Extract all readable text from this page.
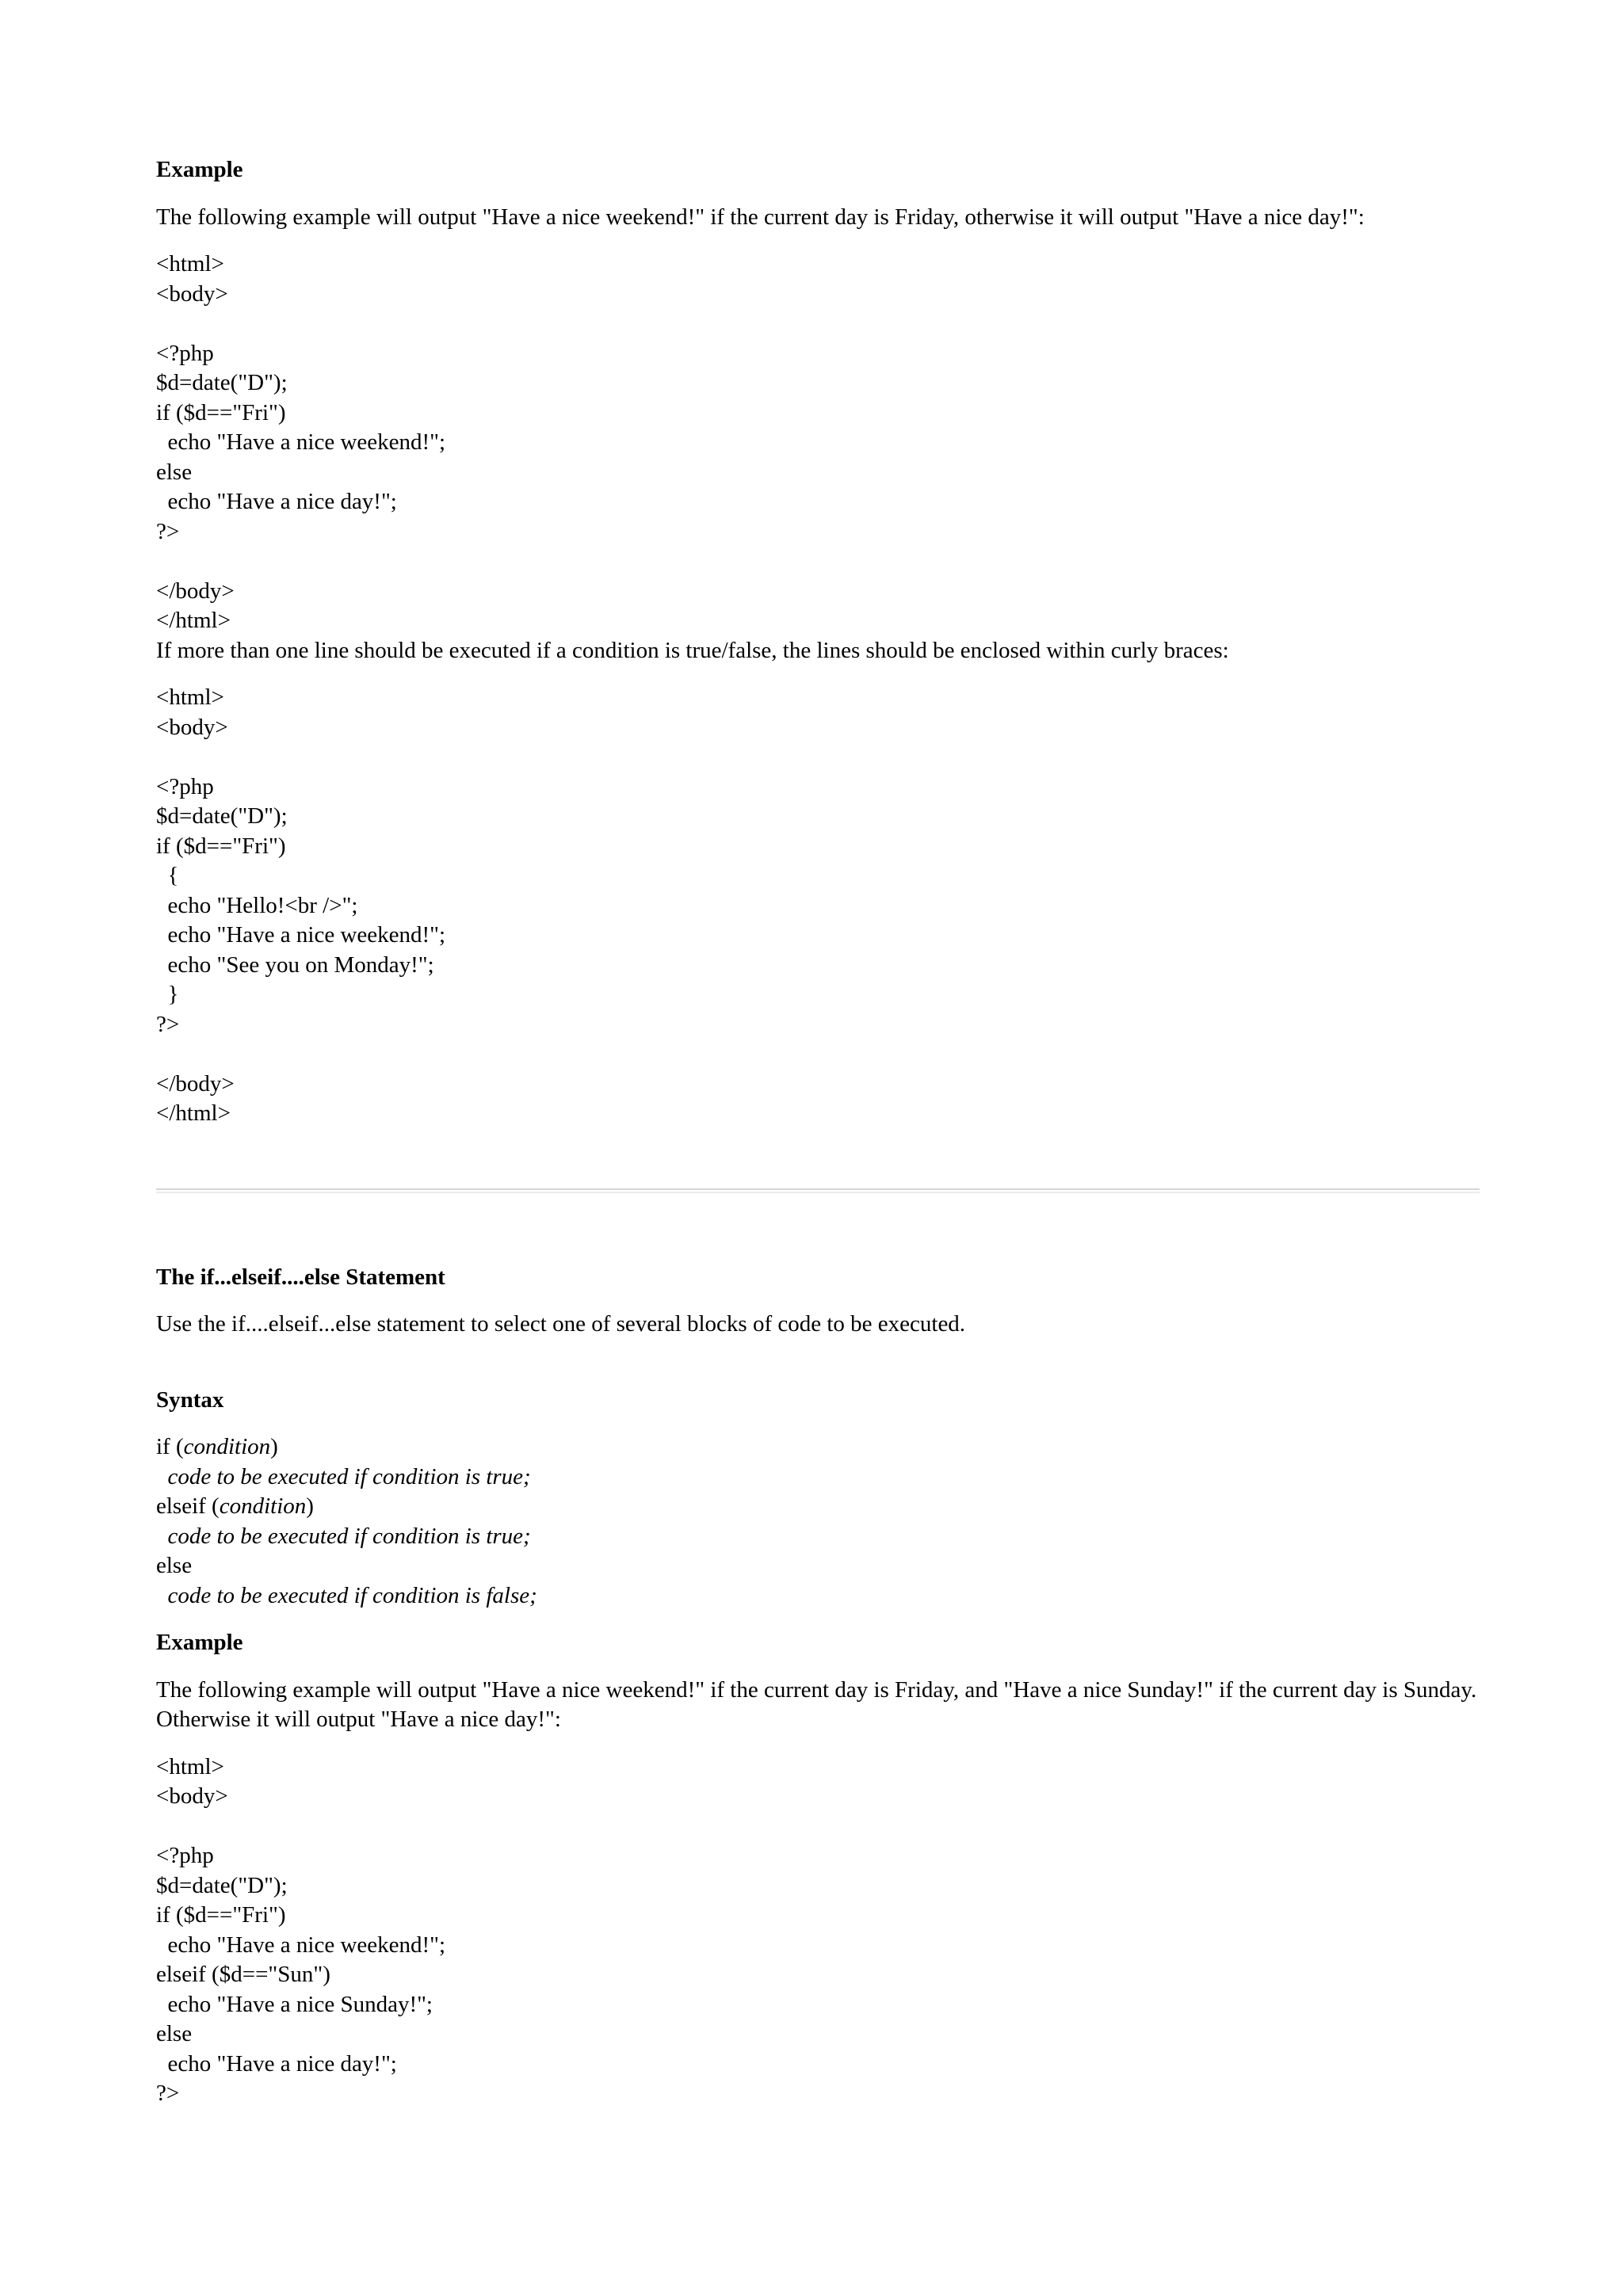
Example

The following example will output "Have a nice weekend!" if the current day is Friday, otherwise it will output "Have a nice day!":

<html>
<body>
<?php
$d=date("D");
if ($d=="Fri")
echo "Have a nice weekend!";
else
echo "Have a nice day!";
?>
</body>
</html>

If more than one line should be executed if a condition is true/false, the lines should be enclosed within curly braces:

<html>
<body>
<?php
$d=date("D");
if ($d=="Fri")
{
echo "Hello!<br />";
echo "Have a nice weekend!";
echo "See you on Monday!";
}
?>
</body>
</html>
The if...elseif....else Statement

Use the if....elseif...else statement to select one of several blocks of code to be executed.

Syntax
if (condition)
code to be executed if condition is true;
elseif (condition)
code to be executed if condition is true;
else
code to be executed if condition is false;
Example

The following example will output "Have a nice weekend!" if the current day is Friday, and "Have a nice Sunday!" if the current day is Sunday. Otherwise it will output "Have a nice day!":

<html>
<body>
<?php
$d=date("D");
if ($d=="Fri")
echo "Have a nice weekend!";
elseif ($d=="Sun")
echo "Have a nice Sunday!";
else
echo "Have a nice day!";
?>
